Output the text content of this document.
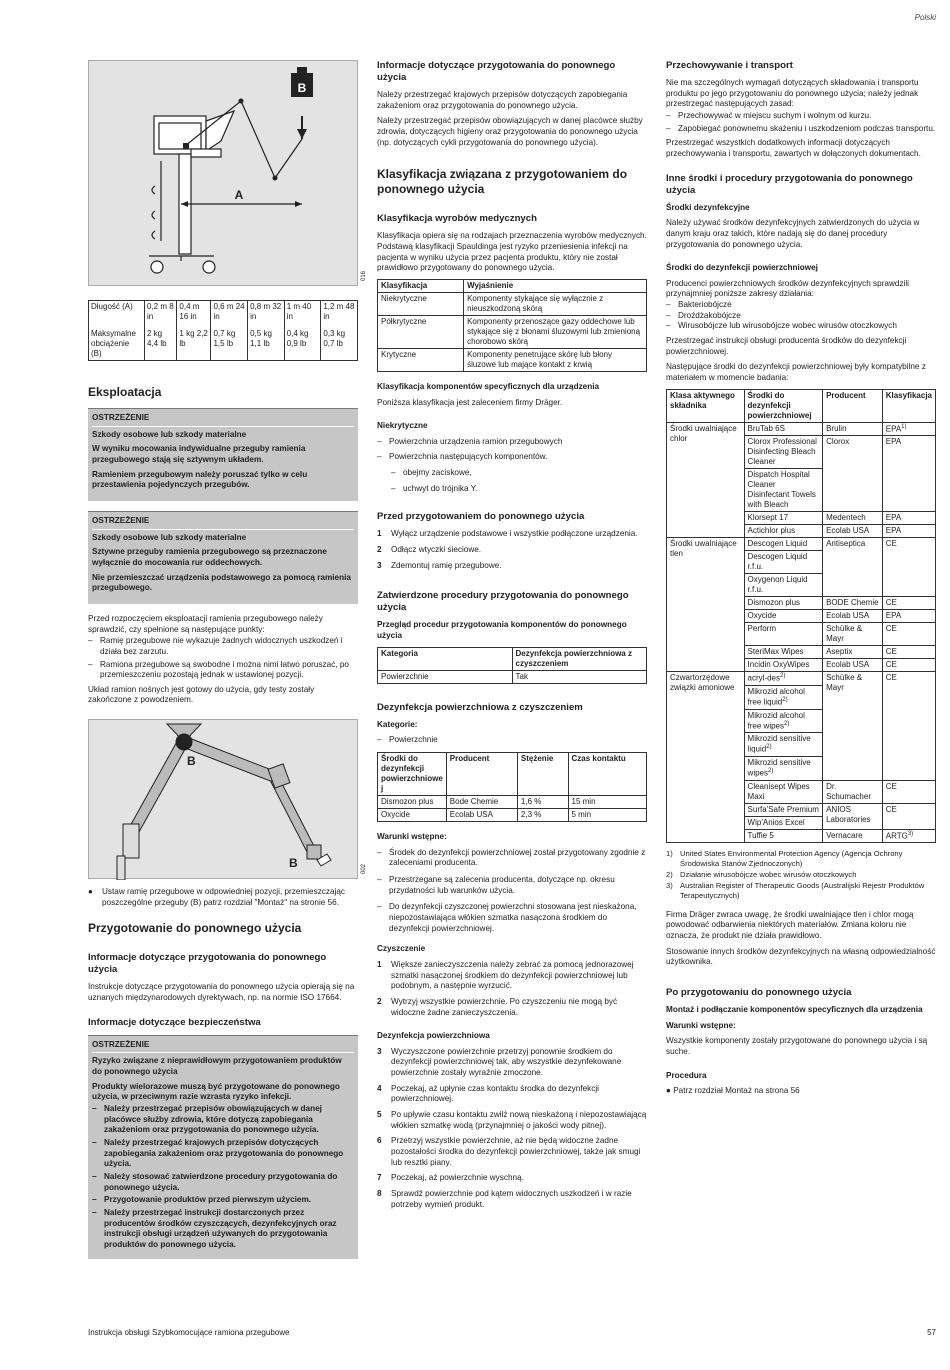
Polski
B
A
016
Długość (A)	0,2 m 8 in	0,4 m 16 in	0,6 m 24 in	0,8 m 32 in	1 m 40 in	1,2 m 48 in
Maksymalne obciążenie (B)	2 kg 4,4 lb	1 kg 2,2 lb	0,7 kg 1,5 lb	0,5 kg 1,1 lb	0,4 kg 0,9 lb	0,3 kg 0,7 lb
Eksploatacja
OSTRZEŻENIE

Szkody osobowe lub szkody materialne

W wyniku mocowania indywidualne przeguby ramienia przegubowego stają się sztywnym układem.

Ramieniem przegubowym należy poruszać tylko w celu przestawienia pojedynczych przegubów.

OSTRZEŻENIE

Szkody osobowe lub szkody materialne

Sztywne przeguby ramienia przegubowego są przeznaczone wyłącznie do mocowania rur oddechowych.

Nie przemieszczać urządzenia podstawowego za pomocą ramienia przegubowego.

Przed rozpoczęciem eksploatacji ramienia przegubowego należy sprawdzić, czy spełnione są następujące punkty:

– Ramię przegubowe nie wykazuje żadnych widocznych uszkodzeń i działa bez zarzutu.
– Ramiona przegubowe są swobodne i można nimi łatwo poruszać, po przemieszczeniu pozostają jednak w ustawionej pozycji.

Układ ramion nośnych jest gotowy do użycia, gdy testy zostały zakończone z powodzeniem.

B
B	002

● Ustaw ramię przegubowe w odpowiedniej pozycji, przemieszczając poszczególne przeguby (B) patrz rozdział "Montaż" na stronie 56.

Przygotowanie do ponownego użycia
Informacje dotyczące przygotowania do ponownego użycia

Instrukcje dotyczące przygotowania do ponownego użycia opierają się na uznanych międzynarodowych dyrektywach, np. na normie ISO 17664.

Informacje dotyczące bezpieczeństwa
OSTRZEŻENIE

Ryzyko związane z nieprawidłowym przygotowaniem produktów do ponownego użycia

Produkty wielorazowe muszą być przygotowane do ponownego użycia, w przeciwnym razie wzrasta ryzyko infekcji.

– Należy przestrzegać przepisów obowiązujących w danej placówce służby zdrowia, które dotyczą zapobiegania zakażeniom oraz przygotowania do ponownego użycia.
– Należy przestrzegać krajowych przepisów dotyczących zapobiegania zakażeniom oraz przygotowania do ponownego użycia.
– Należy stosować zatwierdzone procedury przygotowania do ponownego użycia.
– Przygotowanie produktów przed pierwszym użyciem.
– Należy przestrzegać instrukcji dostarczonych przez producentów środków czyszczących, dezynfekcyjnych oraz instrukcji obsługi urządzeń używanych do przygotowania produktów do ponownego użycia.
Informacje dotyczące przygotowania do ponownego użycia

Należy przestrzegać krajowych przepisów dotyczących zapobiegania zakażeniom oraz przygotowania do ponownego użycia.

Należy przestrzegać przepisów obowiązujących w danej placówce służby zdrowia, dotyczących higieny oraz przygotowania do ponownego użycia (np. dotyczących cykli przygotowania do ponownego użycia).

Klasyfikacja związana z przygotowaniem do ponownego użycia
Klasyfikacja wyrobów medycznych

Klasyfikacja opiera się na rodzajach przeznaczenia wyrobów medycznych. Podstawą klasyfikacji Spauldinga jest ryzyko przeniesienia infekcji na pacjenta w wyniku użycia przez pacjenta produktu, który nie został prawidłowo przygotowany do ponownego użycia.

Klasyfikacja	Wyjaśnienie
Niekrytyczne	Komponenty stykające się wyłącznie z nieuszkodzoną skórą
Półkrytyczne	Komponenty przenoszące gazy oddechowe lub stykające się z błonami śluzowymi lub zmienioną chorobowo skórą
Krytyczne	Komponenty penetrujące skórę lub błony śluzowe lub mające kontakt z krwią
Klasyfikacja komponentów specyficznych dla urządzenia

Poniższa klasyfikacja jest zaleceniem firmy Dräger.

Niekrytyczne
– Powierzchnia urządzenia ramion przegubowych
– Powierzchnia następujących komponentów.
– obejmy zaciskowe,
– uchwyt do trójnika Y.
Przed przygotowaniem do ponownego użycia
1 Wyłącz urządzenie podstawowe i wszystkie podłączone urządzenia.
2 Odłącz wtyczki sieciowe.
3 Zdemontuj ramię przegubowe.
Zatwierdzone procedury przygotowania do ponownego użycia
Przegląd procedur przygotowania komponentów do ponownego użycia
Kategoria	Dezynfekcja powierzchniowa z czyszczeniem
Powierzchnie	Tak
Dezynfekcja powierzchniowa z czyszczeniem
Kategorie:
– Powierzchnie
Środki do dezynfekcji powierzchniowe j	Producent	Stężenie	Czas kontaktu
Dismozon plus	Bode Chemie	1,6 %	15 min
Oxycide	Ecolab USA	2,3 %	5 min
Warunki wstępne:
– Środek do dezynfekcji powierzchniowej został przygotowany zgodnie z zaleceniami producenta.
– Przestrzegane są zalecenia producenta, dotyczące np. okresu przydatności lub warunków użycia.
– Do dezynfekcji czyszczonej powierzchni stosowana jest nieskażona, niepozostawiająca włókien szmatka nasączona środkiem do dezynfekcji powierzchniowej.
Czyszczenie
1 Większe zanieczyszczenia należy zebrać za pomocą jednorazowej szmatki nasączonej środkiem do dezynfekcji powierzchniowej lub podobnym, a następnie wyrzucić.
2 Wytrzyj wszystkie powierzchnie. Po czyszczeniu nie mogą być widoczne żadne zanieczyszczenia.
Dezynfekcja powierzchniowa
3 Wyczyszczone powierzchnie przetrzyj ponownie środkiem do dezynfekcji powierzchniowej tak, aby wszystkie dezynfekowane powierzchnie zostały wyraźnie zmoczone.
4 Poczekaj, aż upłynie czas kontaktu środka do dezynfekcji powierzchniowej.
5 Po upływie czasu kontaktu zwilż nową nieskażoną i niepozostawiającą włókien szmatkę wodą (przynajmniej o jakości wody pitnej).
6 Przetrzyj wszystkie powierzchnie, aż nie będą widoczne żadne pozostałości środka do dezynfekcji powierzchniowej, także jak smugi lub resztki piany.
7 Poczekaj, aż powierzchnie wyschną.
8 Sprawdź powierzchnie pod kątem widocznych uszkodzeń i w razie potrzeby wymień produkt.
Przechowywanie i transport

Nie ma szczególnych wymagań dotyczących składowania i transportu produktu po jego przygotowaniu do ponownego użycia; należy jednak przestrzegać następujących zasad:

– Przechowywać w miejscu suchym i wolnym od kurzu.
– Zapobiegać ponownemu skażeniu i uszkodzeniom podczas transportu.

Przestrzegać wszystkich dodatkowych informacji dotyczących przechowywania i transportu, zawartych w dołączonych dokumentach.

Inne środki i procedury przygotowania do ponownego użycia
Środki dezynfekcyjne

Należy używać środków dezynfekcyjnych zatwierdzonych do użycia w danym kraju oraz takich, które nadają się do danej procedury przygotowania do ponownego użycia.

Środki do dezynfekcji powierzchniowej

Producenci powierzchniowych środków dezynfekcyjnych sprawdzili przynajmniej poniższe zakresy działania:

– Bakteriobójcze
– Drożdżakobójcze
– Wirusobójcze lub wirusobójcze wobec wirusów otoczkowych

Przestrzegać instrukcji obsługi producenta środków do dezynfekcji powierzchniowej.

Następujące środki do dezynfekcji powierzchniowej były kompatybilne z materiałem w momencie badania:

Klasa aktywnego składnika	Środki do dezynfekcji powierzchniowej	Producent	Klasyfikacja
Środki uwalniające chlor	BruTab 6S	Brulin	EPA$^{1)}$
	Clorox Professional Disinfecting Bleach Cleaner	Clorox	EPA
	Dispatch Hospital Cleaner Disinfectant Towels with Bleach		
	Klorsept 17	Medentech	EPA
	Actichlor plus	Ecolab USA	EPA
Środki uwalniające tlen	Descogen Liquid	Antiseptica	CE
	Descogen Liquid r.f.u.		
	Oxygenon Liquid r.f.u.		
	Dismozon plus	BODE Chemie	CE
	Oxycide	Ecolab USA	EPA
	Perform	Schülke & Mayr	CE
	SteriMax Wipes	Aseptix	CE
	Incidin OxyWipes	Ecolab USA	CE
Czwartorzędowe związki amoniowe	acryl-des$^{2)}$	Schülke & Mayr	CE
	Mikrozid alcohol free liquid$^{2)}$
	Mikrozid alcohol free wipes$^{2)}$
	Mikrozid sensitive liquid$^{2)}$
	Mikrozid sensitive wipes$^{2)}$
	Cleanisept Wipes Maxi	Dr. Schumacher	CE
	Surfa'Safe Premium	ANIOS Laboratories	CE
	Wip'Anios Excel		
	Tuffie 5	Vernacare	ARTG$^{3)}$
1) United States Environmental Protection Agency (Agencja Ochrony Środowiska Stanów Zjednoczonych)
2) Działanie wirusobójcze wobec wirusów otoczkowych
3) Australian Register of Therapeutic Goods (Australijski Rejestr Produktów Terapeutycznych)

Firma Dräger zwraca uwagę, że środki uwalniające tlen i chlor mogą powodować odbarwienia niektórych materiałów. Zmiana koloru nie oznacza, że produkt nie działa prawidłowo.

Stosowanie innych środków dezynfekcyjnych na własną odpowiedzialność użytkownika.

Po przygotowaniu do ponownego użycia
Montaż i podłączanie komponentów specyficznych dla urządzenia
Warunki wstępne:

Wszystkie komponenty zostały przygotowane do ponownego użycia i są suche.

Procedura

● Patrz rozdział Montaż na strona 56

Instrukcja obsługi Szybkomocujące ramiona przegubowe	57
